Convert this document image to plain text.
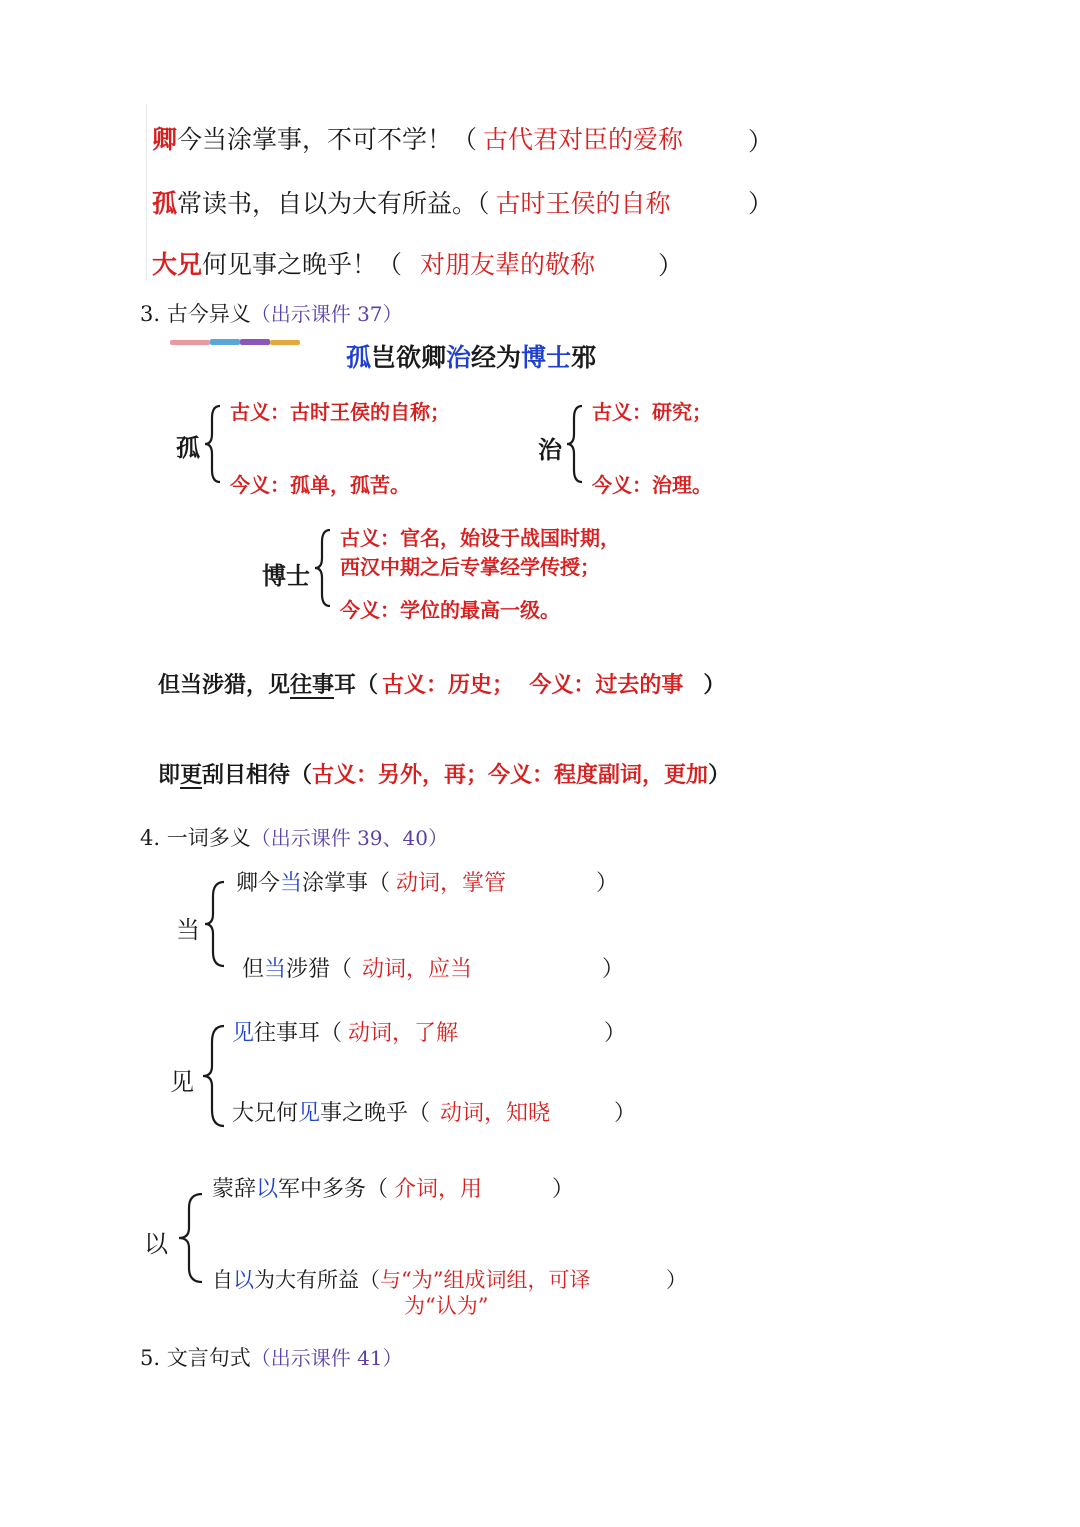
卿今当涂掌事，不可不学！（ 古代君对臣的爱称	）
孤常读书，自以为大有所益。（ 古时王侯的自称	）
大兄何见事之晚乎！（ 对朋友辈的敬称	）
3. 古今异义（出示课件 37）
孤岂欲卿治经为博士邪
孤
古义：古时王侯的自称；
今义：孤单，孤苦。
治
古义：研究；
今义：治理。
博士
古义：官名，始设于战国时期，
西汉中期之后专掌经学传授；
今义：学位的最高一级。
但当涉猎，见往事耳（ 古义：历史；  今义：过去的事 ）
即更刮目相待（古义：另外，再；今义：程度副词，更加）
4. 一词多义（出示课件 39、40）
当
卿今当涂掌事（ 动词，掌管	）
但当涉猎（ 动词，应当	）
见
见往事耳（ 动词，了解	）
大兄何见事之晚乎（ 动词，知晓	）
以
蒙辞以军中多务（ 介词，用	）
自以为大有所益（与“为”组成词组，可译	）
为“认为”
5. 文言句式（出示课件 41）
